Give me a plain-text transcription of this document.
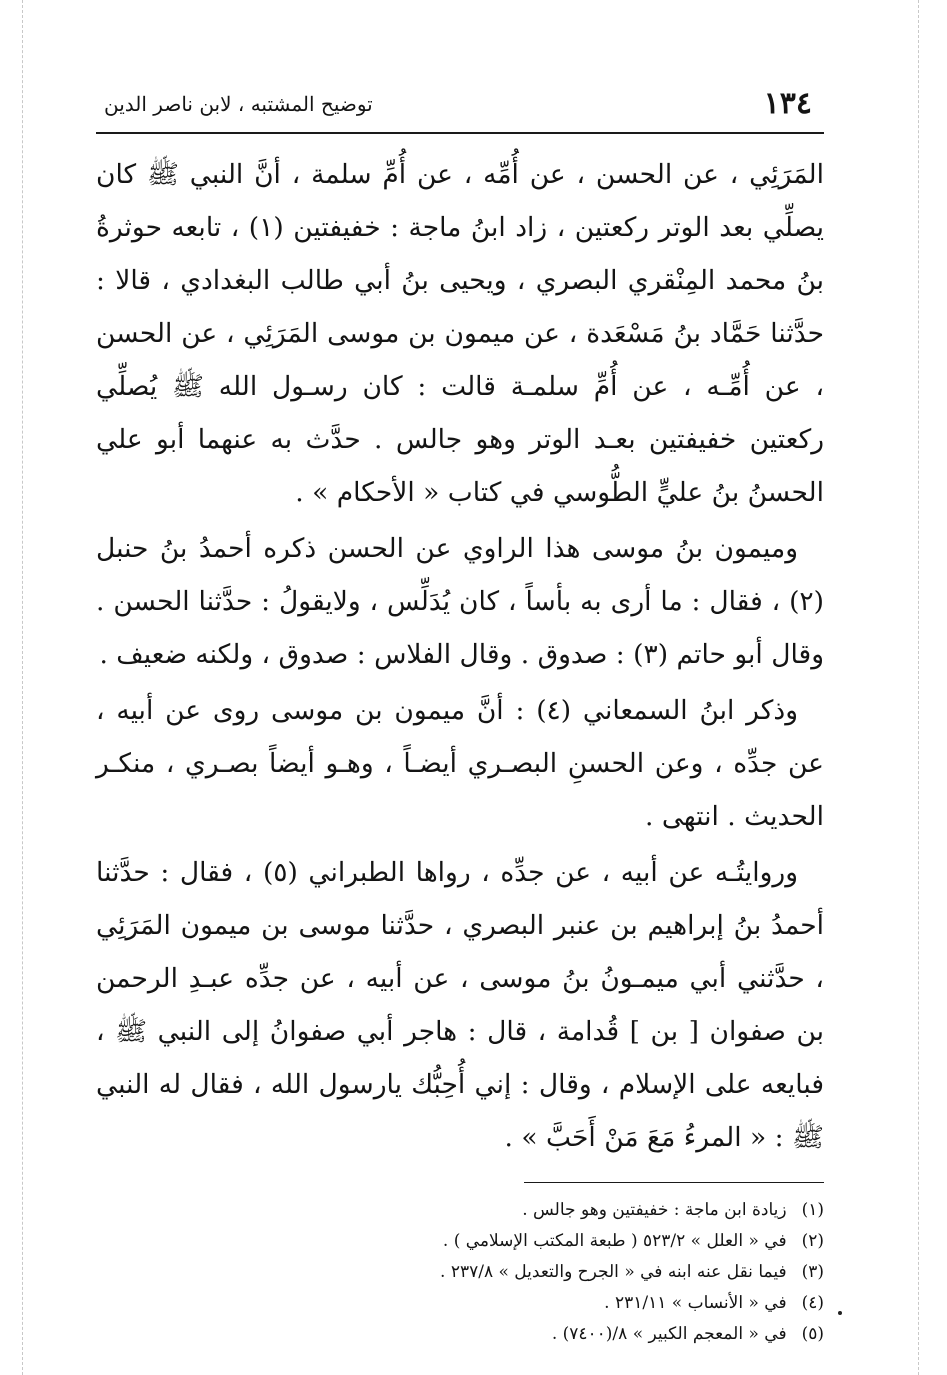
١٣٤
توضيح المشتبه ، لابن ناصر الدين

المَرَئِي ، عن الحسن ، عن أُمِّه ، عن أُمِّ سلمة ، أنَّ النبي ﷺ كان يصلِّي بعد الوتر ركعتين ، زاد ابنُ ماجة : خفيفتين (١) ، تابعه حوثرةُ بنُ محمد المِنْقري البصري ، ويحيى بنُ أبي طالب البغدادي ، قالا : حدَّثنا حَمَّاد بنُ مَسْعَدة ، عن ميمون بن موسى المَرَئِي ، عن الحسن ، عن أُمِّـه ، عن أُمِّ سلمـة قالت : كان رسـول الله ﷺ يُصلِّي ركعتين خفيفتين بعـد الوتر وهو جالس . حدَّث به عنهما أبو علي الحسنُ بنُ عليٍّ الطُّوسي في كتاب « الأحكام » .

وميمون بنُ موسى هذا الراوي عن الحسن ذكره أحمدُ بنُ حنبل (٢) ، فقال : ما أرى به بأساً ، كان يُدَلِّس ، ولايقولُ : حدَّثنا الحسن . وقال أبو حاتم (٣) : صدوق . وقال الفلاس : صدوق ، ولكنه ضعيف .

وذكر ابنُ السمعاني (٤) : أنَّ ميمون بن موسى روى عن أبيه ، عن جدِّه ، وعن الحسنِ البصـري أيضـاً ، وهـو أيضاً بصـري ، منكـر الحديث . انتهى .

وروايتُـه عن أبيه ، عن جدِّه ، رواها الطبراني (٥) ، فقال : حدَّثنا أحمدُ بنُ إبراهيم بن عنبر البصري ، حدَّثنا موسى بن ميمون المَرَئِي ، حدَّثني أبي ميمـونُ بنُ موسى ، عن أبيه ، عن جدِّه عبـدِ الرحمن بن صفوان [ بن ] قُدامة ، قال : هاجر أبي صفوانُ إلى النبي ﷺ ، فبايعه على الإسلام ، وقال : إني أُحِبُّك يارسول الله ، فقال له النبي ﷺ : « المرءُ مَعَ مَنْ أَحَبَّ » .

(١) زيادة ابن ماجة : خفيفتين وهو جالس .
(٢) في « العلل » ٥٢٣/٢ ( طبعة المكتب الإسلامي ) .
(٣) فيما نقل عنه ابنه في « الجرح والتعديل » ٢٣٧/٨ .
(٤) في « الأنساب » ٢٣١/١١ .
(٥) في « المعجم الكبير » ٨/(٧٤٠٠) .
